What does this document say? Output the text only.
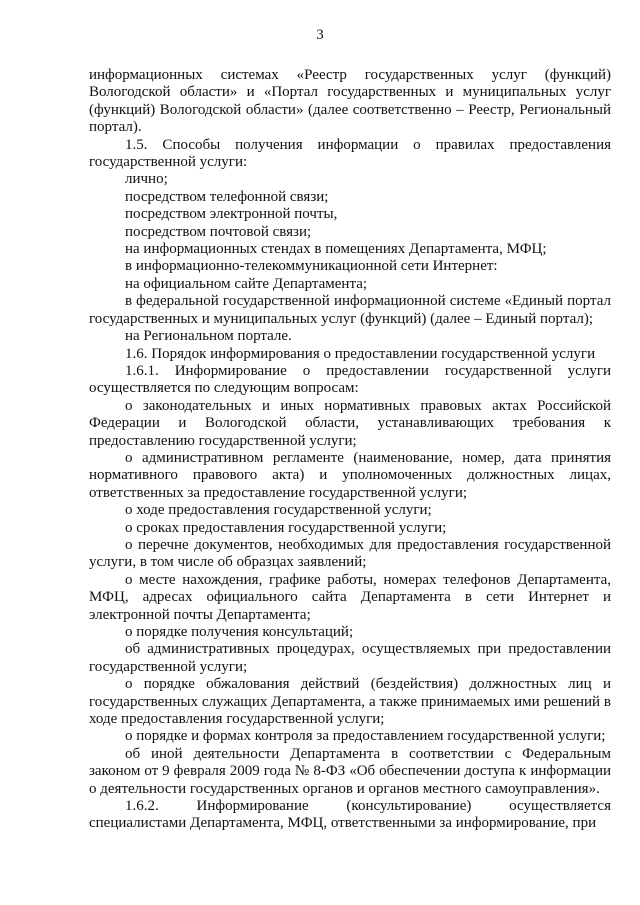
3

информационных системах «Реестр государственных услуг (функций) Вологодской области» и «Портал государственных и муниципальных услуг (функций) Вологодской области» (далее соответственно – Реестр, Региональный портал).

1.5. Способы получения информации о правилах предоставления государственной услуги:

лично;

посредством телефонной связи;

посредством электронной почты,

посредством почтовой связи;

на информационных стендах в помещениях Департамента, МФЦ;

в информационно-телекоммуникационной сети Интернет:

на официальном сайте Департамента;

в федеральной государственной информационной системе «Единый портал государственных и муниципальных услуг (функций) (далее – Единый портал);

на Региональном портале.

1.6. Порядок информирования о предоставлении государственной услуги

1.6.1. Информирование о предоставлении государственной услуги осуществляется по следующим вопросам:

о законодательных и иных нормативных правовых актах Российской Федерации и Вологодской области, устанавливающих требования к предоставлению государственной услуги;

о административном регламенте (наименование, номер, дата принятия нормативного правового акта) и уполномоченных должностных лицах, ответственных за предоставление государственной услуги;

о ходе предоставления государственной услуги;

о сроках предоставления государственной услуги;

о перечне документов, необходимых для предоставления государственной услуги, в том числе об образцах заявлений;

о месте нахождения, графике работы, номерах телефонов Департамента, МФЦ, адресах официального сайта Департамента в сети Интернет и электронной почты Департамента;

о порядке получения консультаций;

об административных процедурах, осуществляемых при предоставлении государственной услуги;

о порядке обжалования действий (бездействия) должностных лиц и государственных служащих Департамента, а также принимаемых ими решений в ходе предоставления государственной услуги;

о порядке и формах контроля за предоставлением государственной услуги;

об иной деятельности Департамента в соответствии с Федеральным законом от 9 февраля 2009 года № 8-ФЗ «Об обеспечении доступа к информации о деятельности государственных органов и органов местного самоуправления».

1.6.2.	Информирование	(консультирование)	осуществляется

специалистами Департамента, МФЦ, ответственными за информирование, при
